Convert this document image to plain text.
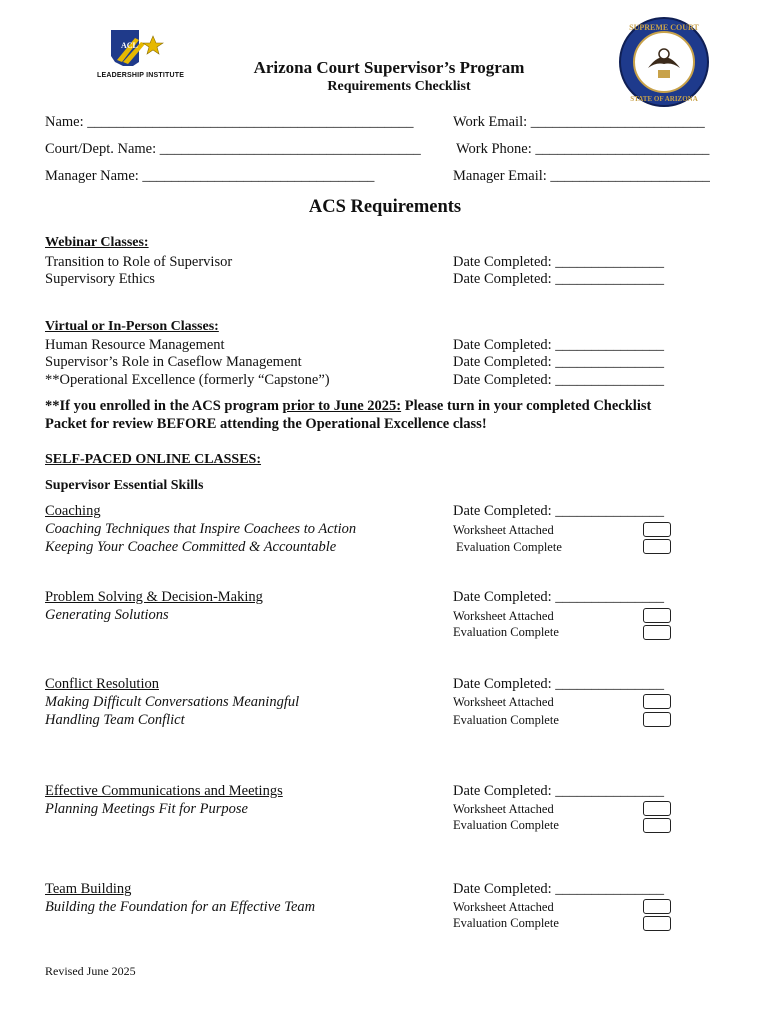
ACL
LEADERSHIP INSTITUTE
SUPREME COURT
STATE OF ARIZONA
Arizona Court Supervisor’s Program
Requirements Checklist
Name: _____________________________________________	Work Email: ________________________
Court/Dept. Name: ____________________________________ Work Phone: ________________________
Manager Name: ________________________________	Manager Email: ______________________
ACS Requirements
Webinar Classes:
Transition to Role of Supervisor
Supervisory Ethics
Date Completed: _______________
Date Completed: _______________
Virtual or In-Person Classes:
Human Resource Management
Supervisor’s Role in Caseflow Management
**Operational Excellence (formerly “Capstone”)
Date Completed: _______________
Date Completed: _______________
Date Completed: _______________
**If you enrolled in the ACS program prior to June 2025: Please turn in your completed Checklist
Packet for review BEFORE attending the Operational Excellence class!
SELF-PACED ONLINE CLASSES:
Supervisor Essential Skills
Coaching
Coaching Techniques that Inspire Coachees to Action
Keeping Your Coachee Committed & Accountable
Date Completed: _______________
Worksheet Attached
Evaluation Complete
Problem Solving & Decision-Making
Generating Solutions
Date Completed: _______________
Worksheet Attached
Evaluation Complete
Conflict Resolution
Making Difficult Conversations Meaningful
Handling Team Conflict
Date Completed: _______________
Worksheet Attached
Evaluation Complete
Effective Communications and Meetings
Planning Meetings Fit for Purpose
Date Completed: _______________
Worksheet Attached
Evaluation Complete
Team Building
Building the Foundation for an Effective Team
Date Completed: _______________
Worksheet Attached
Evaluation Complete
Revised June 2025
